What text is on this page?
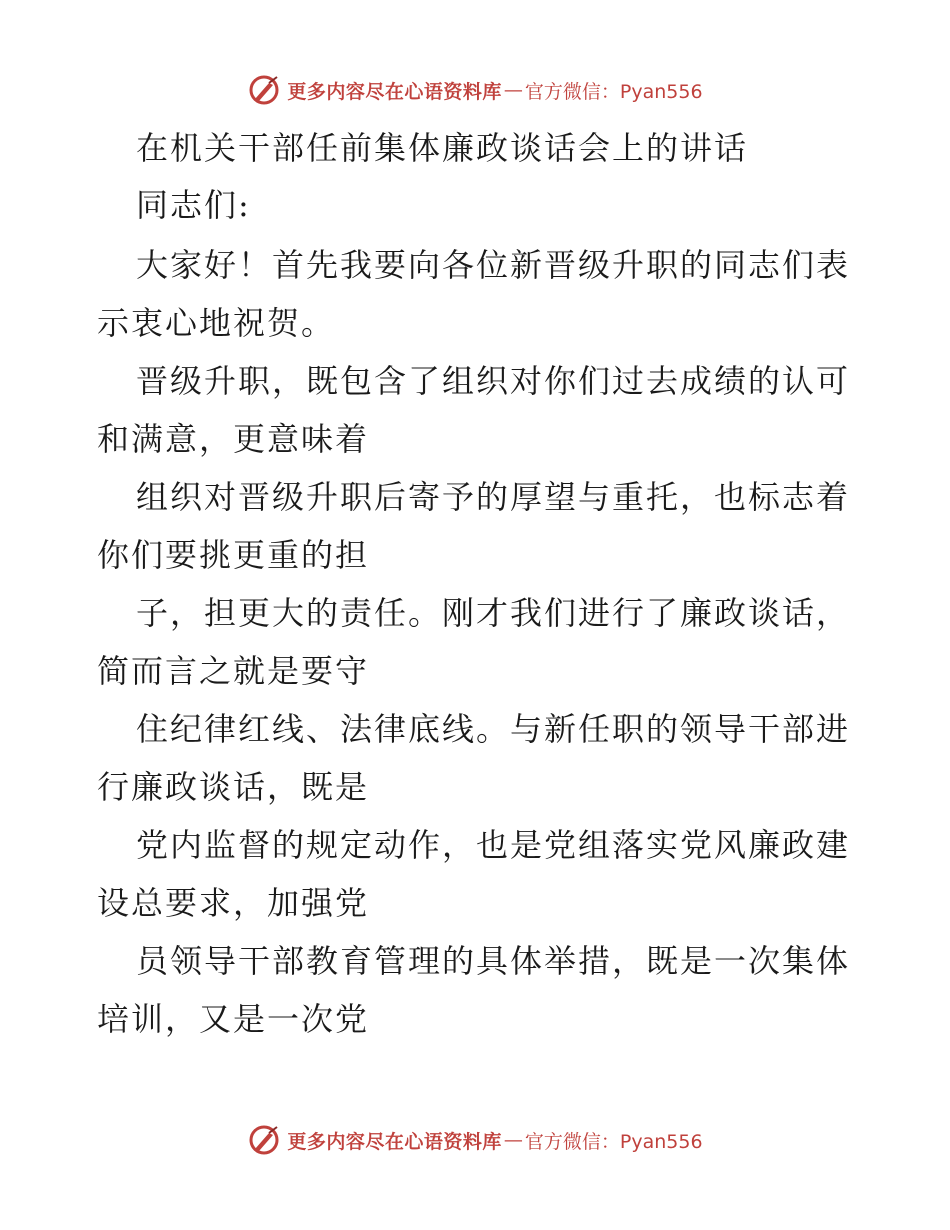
更多内容尽在心语资料库 — 官方微信：Pyan556
在机关干部任前集体廉政谈话会上的讲话
同志们:
大家好！首先我要向各位新晋级升职的同志们表
示衷心地祝贺。
晋级升职，既包含了组织对你们过去成绩的认可
和满意，更意味着
组织对晋级升职后寄予的厚望与重托，也标志着
你们要挑更重的担
子，担更大的责任。刚才我们进行了廉政谈话，
简而言之就是要守
住纪律红线、法律底线。与新任职的领导干部进
行廉政谈话，既是
党内监督的规定动作，也是党组落实党风廉政建
设总要求，加强党
员领导干部教育管理的具体举措，既是一次集体
培训，又是一次党
更多内容尽在心语资料库 — 官方微信：Pyan556
